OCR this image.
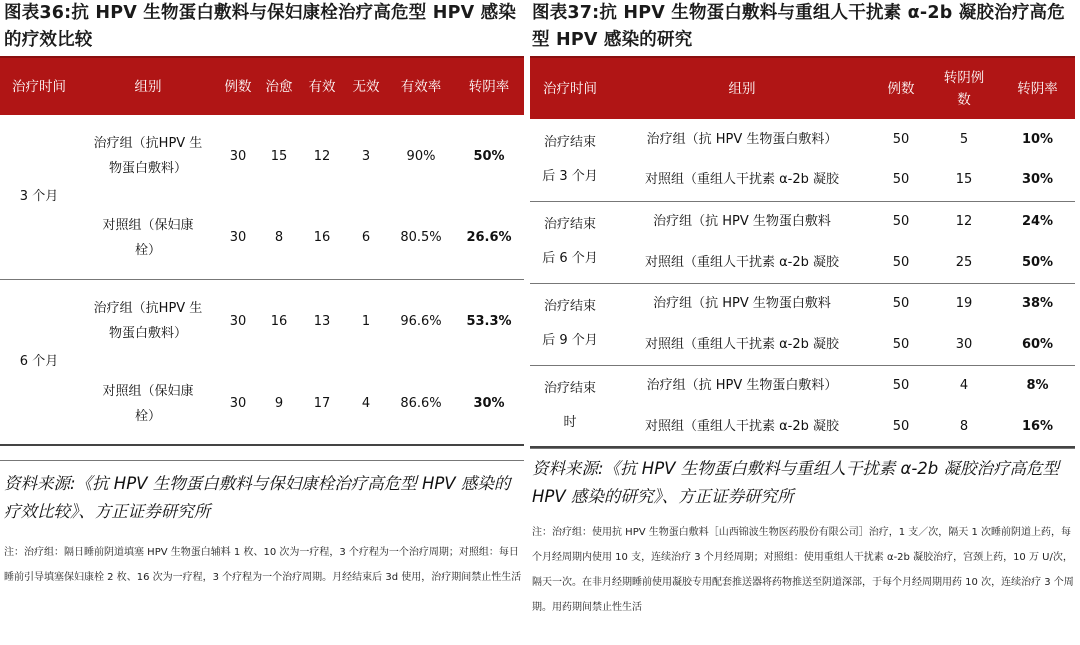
图表36:抗 HPV 生物蛋白敷料与保妇康栓治疗高危型 HPV 感染的疗效比较
治疗时间	组别	例数	治愈	有效	无效	有效率	转阴率
3 个月	治疗组（抗HPV 生物蛋白敷料）	30	15	12	3	90%	50%
	对照组（保妇康栓）	30	8	16	6	80.5%	26.6%
6 个月	治疗组（抗HPV 生物蛋白敷料）	30	16	13	1	96.6%	53.3%
	对照组（保妇康栓）	30	9	17	4	86.6%	30%
资料来源:《抗 HPV 生物蛋白敷料与保妇康栓治疗高危型 HPV 感染的疗效比较》、方正证券研究所
注：治疗组：隔日睡前阴道填塞 HPV 生物蛋白辅料 1 枚、10 次为一疗程，3 个疗程为一个治疗周期；对照组：每日睡前引导填塞保妇康栓 2 枚、16 次为一疗程，3 个疗程为一个治疗周期。月经结束后 3d 使用，治疗期间禁止性生活
图表37:抗 HPV 生物蛋白敷料与重组人干扰素 α-2b 凝胶治疗高危型 HPV 感染的研究
治疗时间	组别	例数	转阴例数	转阴率
治疗结束后 3 个月	治疗组（抗 HPV 生物蛋白敷料）	50	5	10%
	对照组（重组人干扰素 α-2b 凝胶	50	15	30%
治疗结束后 6 个月	治疗组（抗 HPV 生物蛋白敷料	50	12	24%
	对照组（重组人干扰素 α-2b 凝胶	50	25	50%
治疗结束后 9 个月	治疗组（抗 HPV 生物蛋白敷料	50	19	38%
	对照组（重组人干扰素 α-2b 凝胶	50	30	60%
治疗结束时	治疗组（抗 HPV 生物蛋白敷料）	50	4	8%
	对照组（重组人干扰素 α-2b 凝胶	50	8	16%
资料来源:《抗 HPV 生物蛋白敷料与重组人干扰素 α-2b 凝胶治疗高危型 HPV 感染的研究》、方正证券研究所
注：治疗组：使用抗 HPV 生物蛋白敷料［山西锦波生物医药股份有限公司］治疗，1 支／次，隔天 1 次睡前阴道上药，每个月经周期内使用 10 支，连续治疗 3 个月经周期；对照组：使用重组人干扰素 α-2b 凝胶治疗，宫颈上药，10 万 U/次，隔天一次。在非月经期睡前使用凝胶专用配套推送器将药物推送至阴道深部，于每个月经周期用药 10 次，连续治疗 3 个周期。用药期间禁止性生活
